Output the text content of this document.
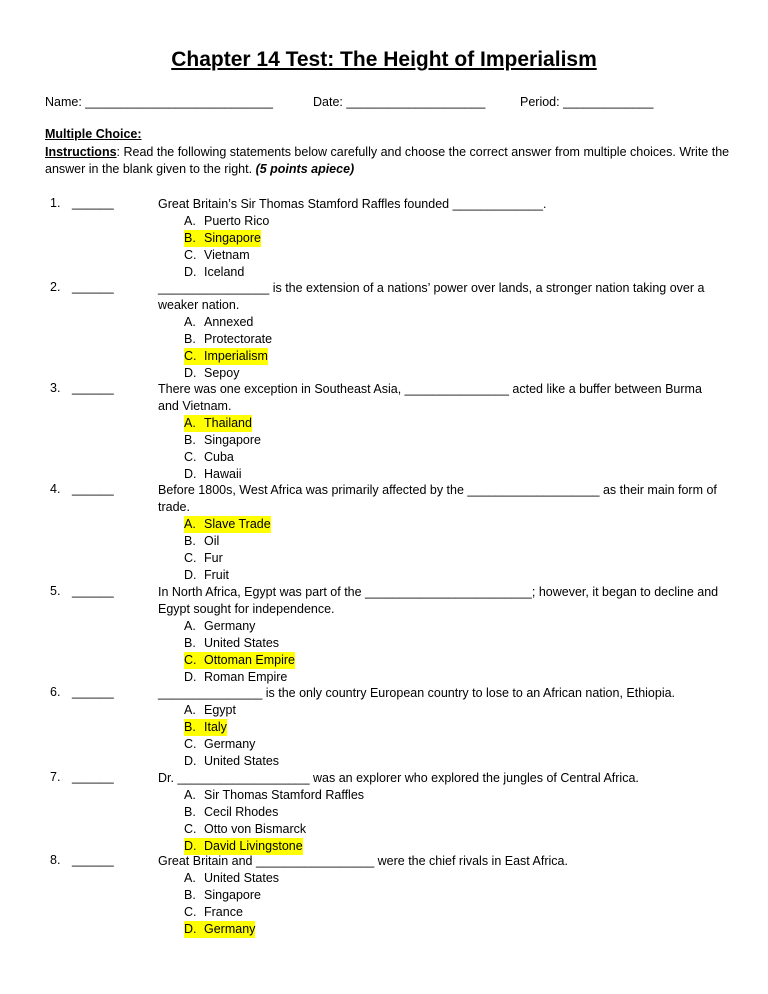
Chapter 14 Test: The Height of Imperialism
Name: ___________________________	Date: ____________________	Period: _____________
Multiple Choice:
Instructions: Read the following statements below carefully and choose the correct answer from multiple choices. Write the answer in the blank given to the right. (5 points apiece)
1. ______	Great Britain’s Sir Thomas Stamford Raffles founded _____________.
A. Puerto Rico
B. Singapore
C. Vietnam
D. Iceland
2. ______	________________ is the extension of a nations’ power over lands, a stronger nation taking over a weaker nation.
A. Annexed
B. Protectorate
C. Imperialism
D. Sepoy
3. ______	There was one exception in Southeast Asia, _______________ acted like a buffer between Burma and Vietnam.
A. Thailand
B. Singapore
C. Cuba
D. Hawaii
4. ______	Before 1800s, West Africa was primarily affected by the ___________________ as their main form of trade.
A. Slave Trade
B. Oil
C. Fur
D. Fruit
5. ______	In North Africa, Egypt was part of the ________________________; however, it began to decline and Egypt sought for independence.
A. Germany
B. United States
C. Ottoman Empire
D. Roman Empire
6. ______	_______________ is the only country European country to lose to an African nation, Ethiopia.
A. Egypt
B. Italy
C. Germany
D. United States
7. ______	Dr. ___________________ was an explorer who explored the jungles of Central Africa.
A. Sir Thomas Stamford Raffles
B. Cecil Rhodes
C. Otto von Bismarck
D. David Livingstone
8. ______	Great Britain and _________________ were the chief rivals in East Africa.
A. United States
B. Singapore
C. France
D. Germany
